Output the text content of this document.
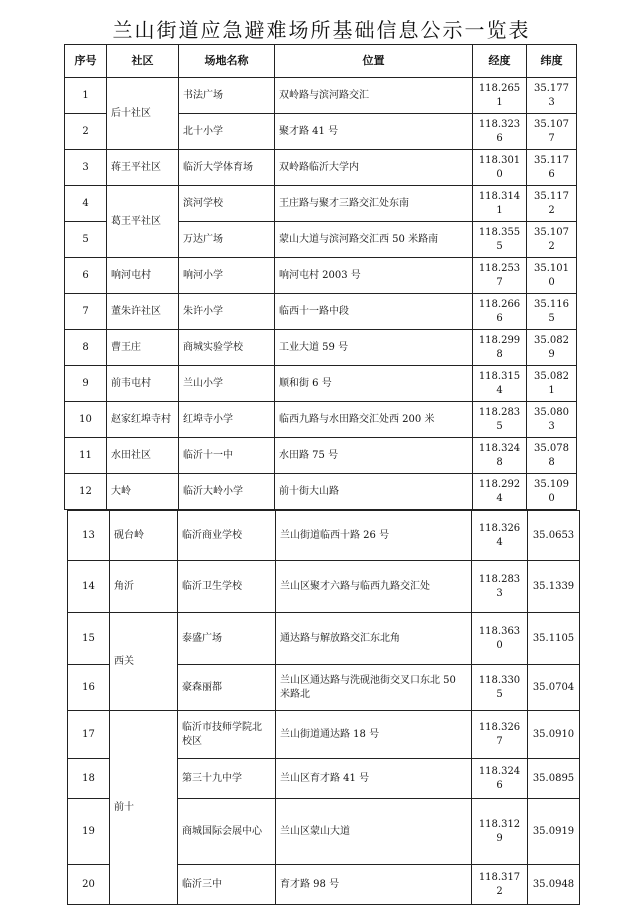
兰山街道应急避难场所基础信息公示一览表
序号	社区	场地名称	位置	经度	纬度
1	后十社区	书法广场	双岭路与滨河路交汇	118.2651	35.1773
2		北十小学	聚才路 41 号	118.3236	35.1077
3	蒋王平社区	临沂大学体育场	双岭路临沂大学内	118.3010	35.1176
4	葛王平社区	滨河学校	王庄路与聚才三路交汇处东南	118.3141	35.1172
5		万达广场	蒙山大道与滨河路交汇西 50 米路南	118.3555	35.1072
6	响河屯村	响河小学	响河屯村 2003 号	118.2537	35.1010
7	董朱许社区	朱许小学	临西十一路中段	118.2666	35.1165
8	曹王庄	商城实验学校	工业大道 59 号	118.2998	35.0829
9	前韦屯村	兰山小学	顺和街 6 号	118.3154	35.0821
10	赵家红埠寺村	红埠寺小学	临西九路与水田路交汇处西 200 米	118.2835	35.0803
11	水田社区	临沂十一中	水田路 75 号	118.3248	35.0788
12	大岭	临沂大岭小学	前十街大山路	118.2924	35.1090
13	砚台岭	临沂商业学校	兰山街道临西十路 26 号	118.3264	35.0653
14	角沂	临沂卫生学校	兰山区聚才六路与临西九路交汇处	118.2833	35.1339
15	西关	泰盛广场	通达路与解放路交汇东北角	118.3630	35.1105
16		豪森丽都	兰山区通达路与洗砚池街交叉口东北 50 米路北	118.3305	35.0704
17	前十	临沂市技师学院北校区	兰山街道通达路 18 号	118.3267	35.0910
18		第三十九中学	兰山区育才路 41 号	118.3246	35.0895
19		商城国际会展中心	兰山区蒙山大道	118.3129	35.0919
20		临沂三中	育才路 98 号	118.3172	35.0948
